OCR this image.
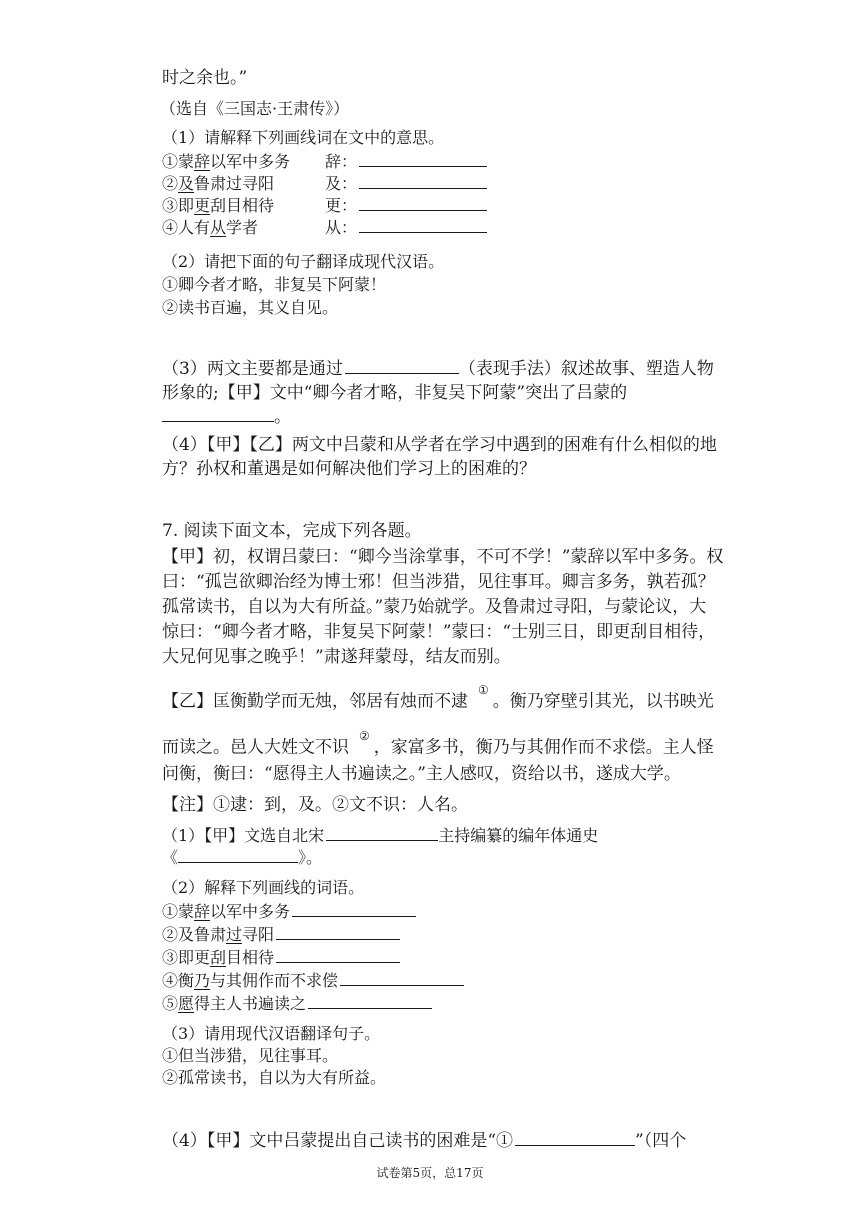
时之余也。”
（选自《三国志·王肃传》）
（1）请解释下列画线词在文中的意思。
①蒙辞以军中多务 辞：
②及鲁肃过寻阳	及：
③即更刮目相待	更：
④人有从学者	从：
（2）请把下面的句子翻译成现代汉语。
①卿今者才略，非复吴下阿蒙！
②读书百遍，其义自见。
（3）两文主要都是通过	（表现手法）叙述故事、塑造人物
形象的;【甲】文中“卿今者才略，非复吴下阿蒙”突出了吕蒙的
。
（4）【甲】【乙】两文中吕蒙和从学者在学习中遇到的困难有什么相似的地
方？孙权和董遇是如何解决他们学习上的困难的？
7. 阅读下面文本，完成下列各题。
【甲】初，权谓吕蒙曰：“卿今当涂掌事，不可不学！”蒙辞以军中多务。权
曰：“孤岂欲卿治经为博士邪！但当涉猎，见往事耳。卿言多务，孰若孤？
孤常读书，自以为大有所益。”蒙乃始就学。及鲁肃过寻阳，与蒙论议，大
惊曰：“卿今者才略，非复吴下阿蒙！”蒙曰：“士别三日，即更刮目相待，
大兄何见事之晚乎！”肃遂拜蒙母，结友而别。
【乙】匡衡勤学而无烛，邻居有烛而不逮①。衡乃穿壁引其光，以书映光
而读之。邑人大姓文不识②，家富多书，衡乃与其佣作而不求偿。主人怪
问衡，衡曰：“愿得主人书遍读之。”主人感叹，资给以书，遂成大学。
【注】①逮：到，及。②文不识：人名。
（1）【甲】文选自北宋	主持编纂的编年体通史
《	》。
（2）解释下列画线的词语。
①蒙辞以军中多务
②及鲁肃过寻阳
③即更刮目相待
④衡乃与其佣作而不求偿
⑤愿得主人书遍读之
（3）请用现代汉语翻译句子。
①但当涉猎，见往事耳。
②孤常读书，自以为大有所益。
（4）【甲】文中吕蒙提出自己读书的困难是“①	”（四个
试卷第5页，总17页
